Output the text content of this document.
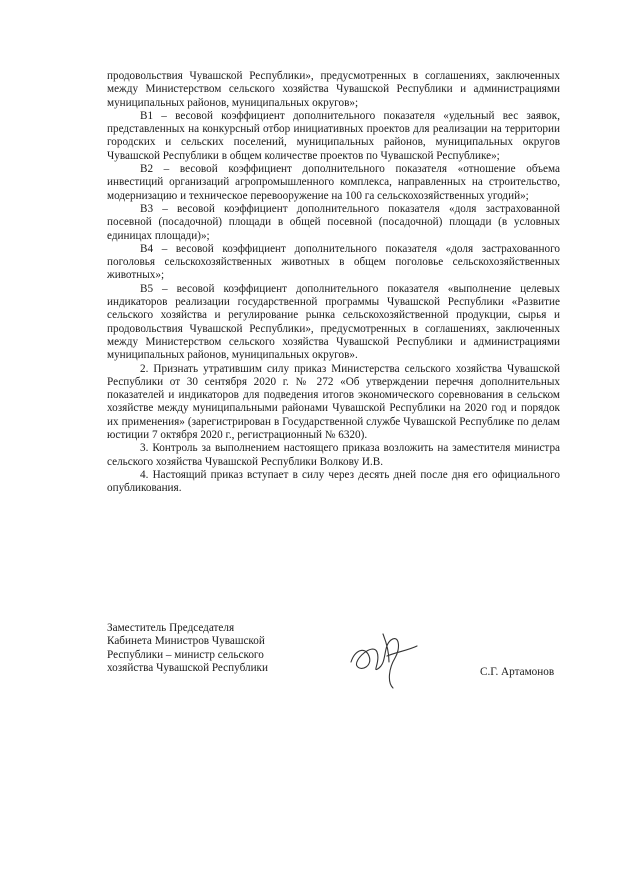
продовольствия Чувашской Республики», предусмотренных в соглашениях, заключенных между Министерством сельского хозяйства Чувашской Республики и администрациями муниципальных районов, муниципальных округов»;

В1 – весовой коэффициент дополнительного показателя «удельный вес заявок, представленных на конкурсный отбор инициативных проектов для реализации на территории городских и сельских поселений, муниципальных районов, муниципальных округов Чувашской Республики в общем количестве проектов по Чувашской Республике»;

В2 – весовой коэффициент дополнительного показателя «отношение объема инвестиций организаций агропромышленного комплекса, направленных на строительство, модернизацию и техническое перевооружение на 100 га сельскохозяйственных угодий»;

В3 – весовой коэффициент дополнительного показателя «доля застрахованной посевной (посадочной) площади в общей посевной (посадочной) площади (в условных единицах площади)»;

В4 – весовой коэффициент дополнительного показателя «доля застрахованного поголовья сельскохозяйственных животных в общем поголовье сельскохозяйственных животных»;

В5 – весовой коэффициент дополнительного показателя «выполнение целевых индикаторов реализации государственной программы Чувашской Республики «Развитие сельского хозяйства и регулирование рынка сельскохозяйственной продукции, сырья и продовольствия Чувашской Республики», предусмотренных в соглашениях, заключенных между Министерством сельского хозяйства Чувашской Республики и администрациями муниципальных районов, муниципальных округов».

2. Признать утратившим силу приказ Министерства сельского хозяйства Чувашской Республики от 30 сентября 2020 г. № 272 «Об утверждении перечня дополнительных показателей и индикаторов для подведения итогов экономического соревнования в сельском хозяйстве между муниципальными районами Чувашской Республики на 2020 год и порядок их применения» (зарегистрирован в Государственной службе Чувашской Республике по делам юстиции 7 октября 2020 г., регистрационный № 6320).

3. Контроль за выполнением настоящего приказа возложить на заместителя министра сельского хозяйства Чувашской Республики Волкову И.В.

4. Настоящий приказ вступает в силу через десять дней после дня его официального опубликования.

Заместитель Председателя
Кабинета Министров Чувашской
Республики – министр сельского
хозяйства Чувашской Республики	С.Г. Артамонов
